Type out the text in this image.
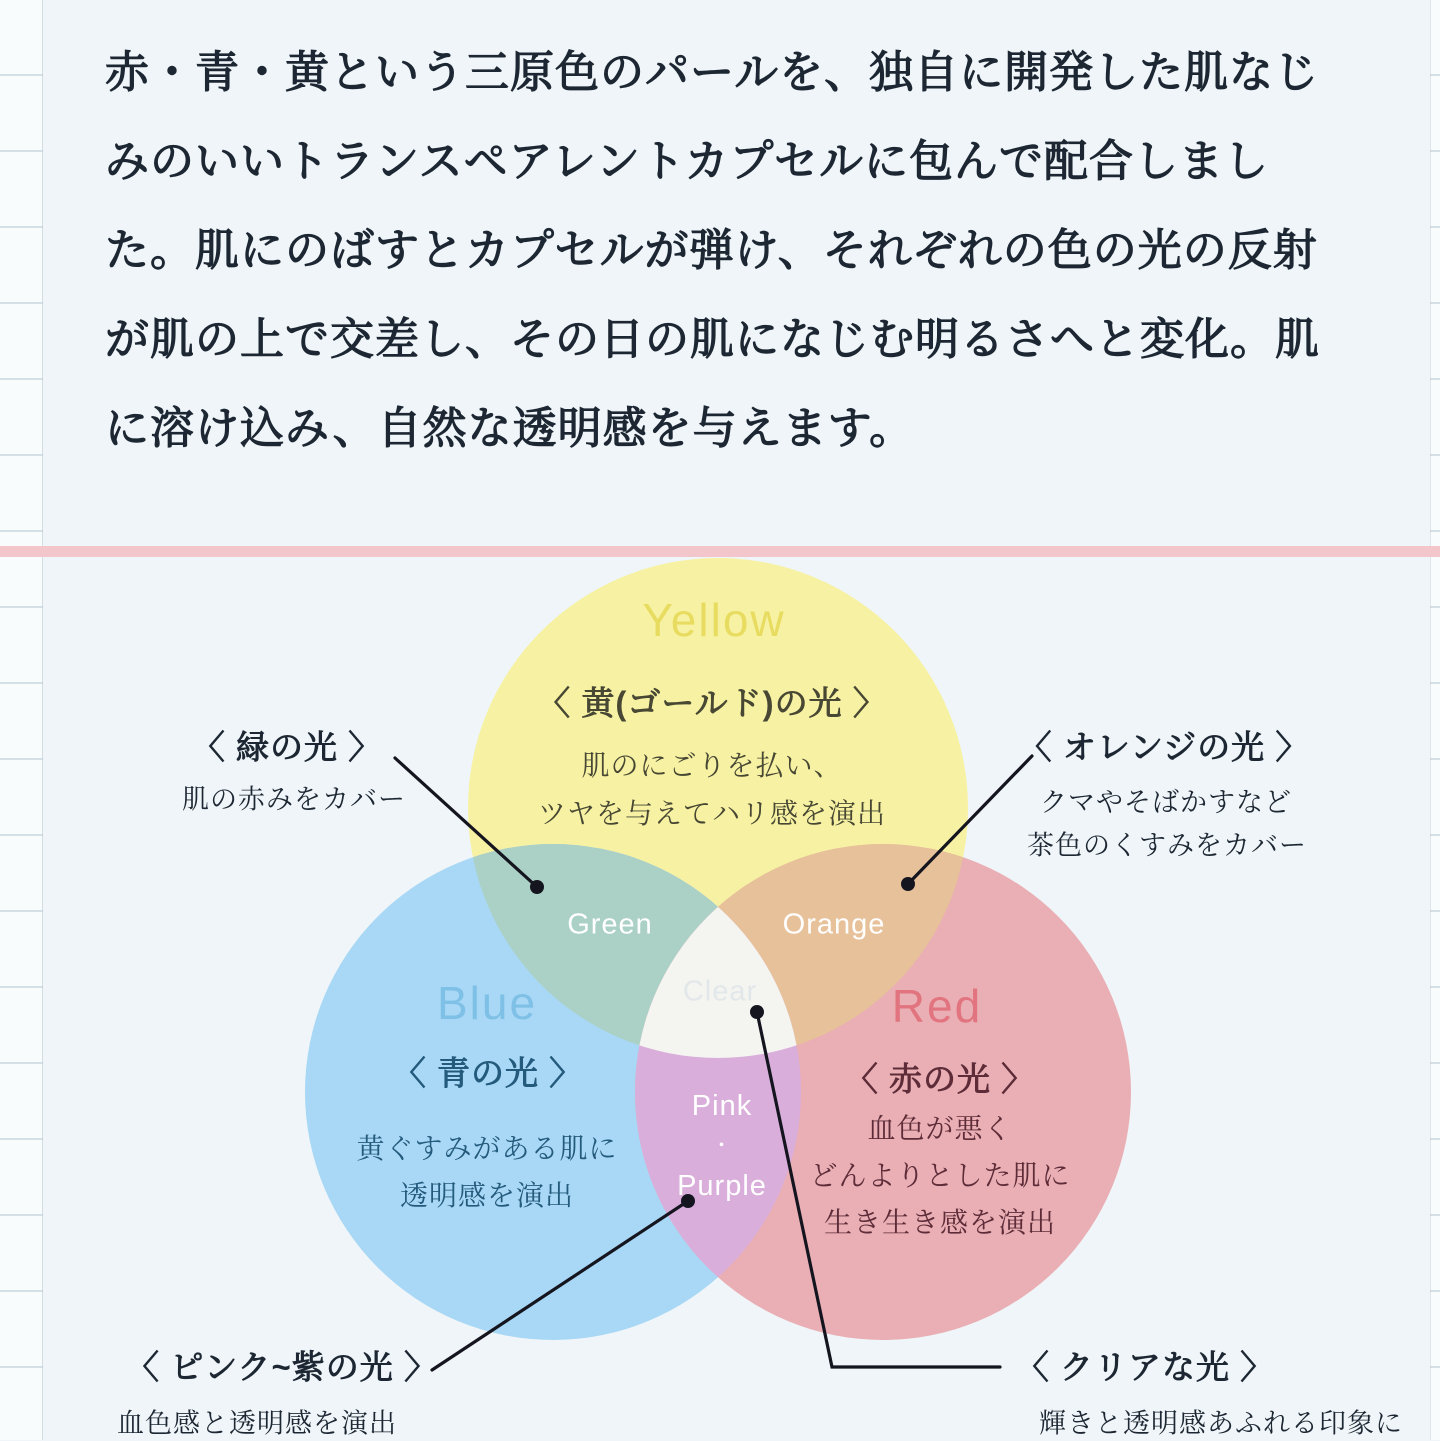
赤・青・黄という三原色のパールを、独自に開発した肌なじ
みのいいトランスペアレントカプセルに包んで配合しまし
た。肌にのばすとカプセルが弾け、それぞれの色の光の反射
が肌の上で交差し、その日の肌になじむ明るさへと変化。肌
に溶け込み、自然な透明感を与えます。
Yellow
〈 黄(ゴールド)の光 〉
肌のにごりを払い、
ツヤを与えてハリ感を演出
Blue
〈 青の光 〉
黄ぐすみがある肌に
透明感を演出
Red
〈 赤の光 〉
血色が悪く
どんよりとした肌に
生き生き感を演出
Green	Orange
Clear
Pink
・
Purple
〈 緑の光 〉
肌の赤みをカバー
〈 オレンジの光 〉
クマやそばかすなど
茶色のくすみをカバー
〈 ピンク~紫の光 〉
血色感と透明感を演出
〈 クリアな光 〉
輝きと透明感あふれる印象に
